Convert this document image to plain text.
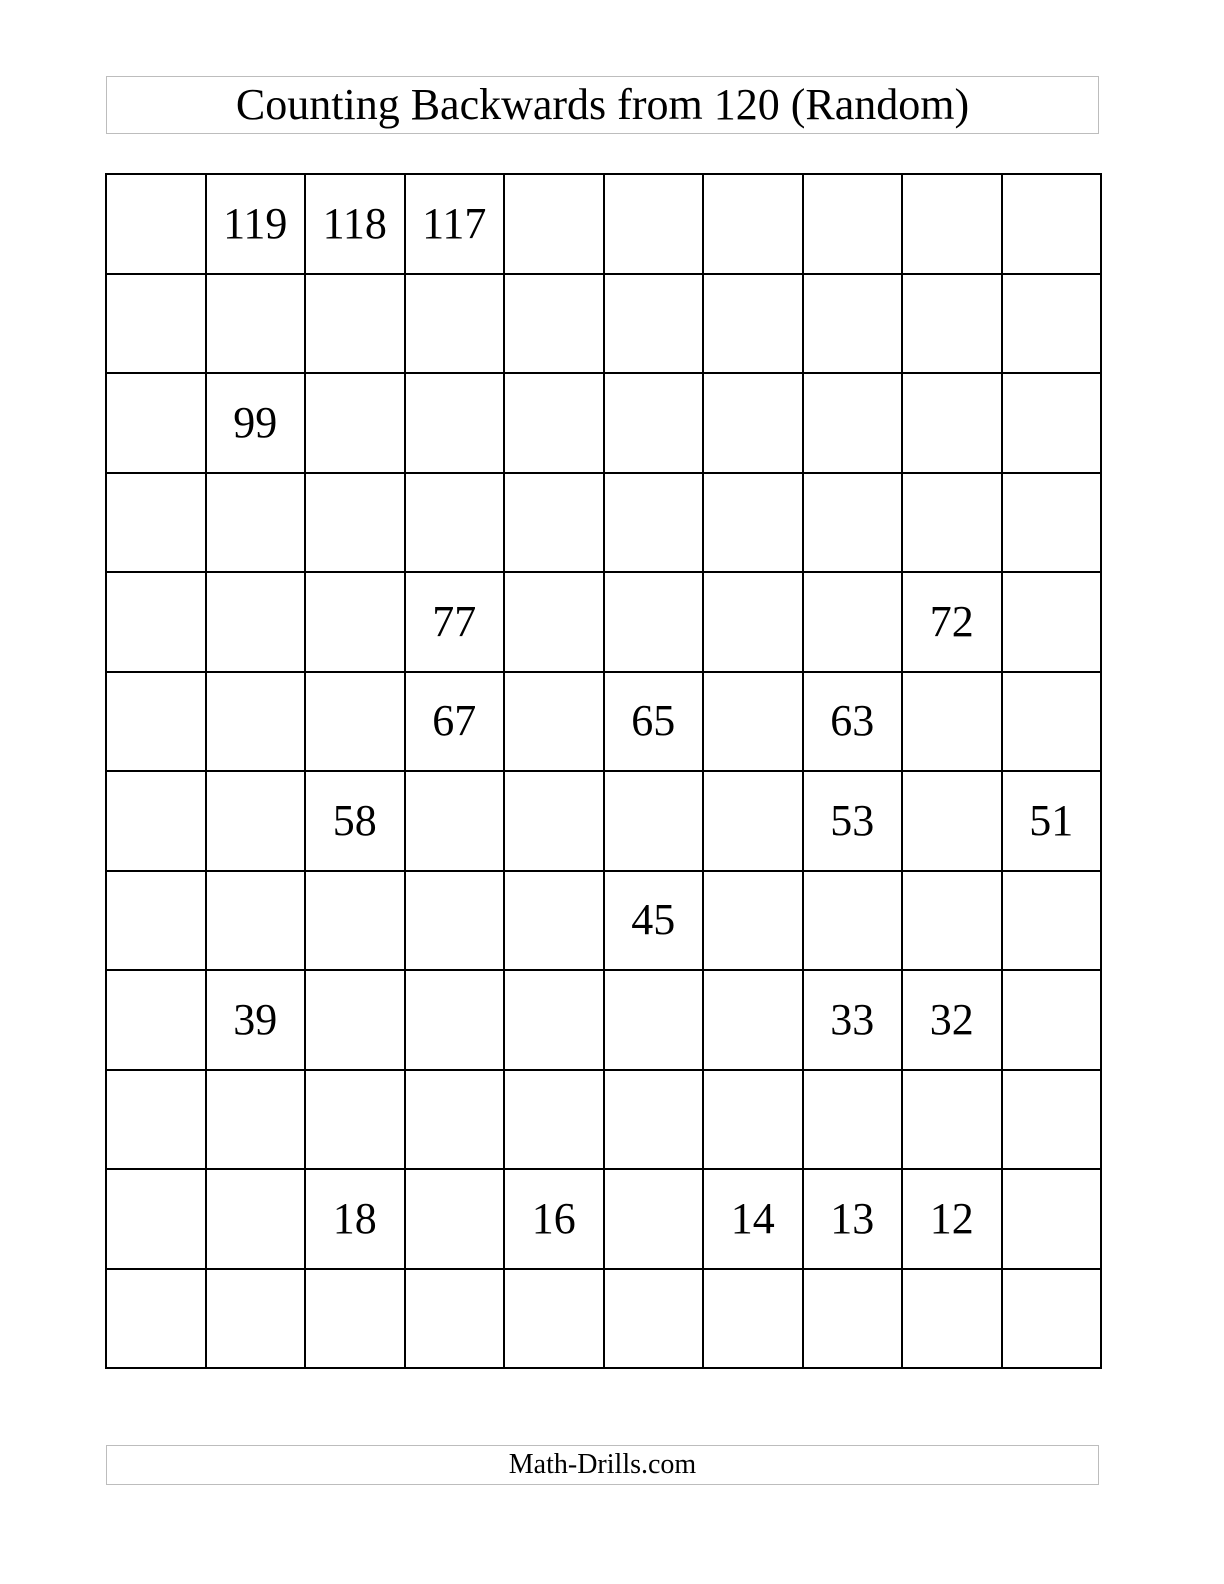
Counting Backwards from 120 (Random)
	119	118	117						

	99								

			77					72	
			67		65		63		
		58					53		51
					45				
	39						33	32	

		18		16		14	13	12	

Math-Drills.com
